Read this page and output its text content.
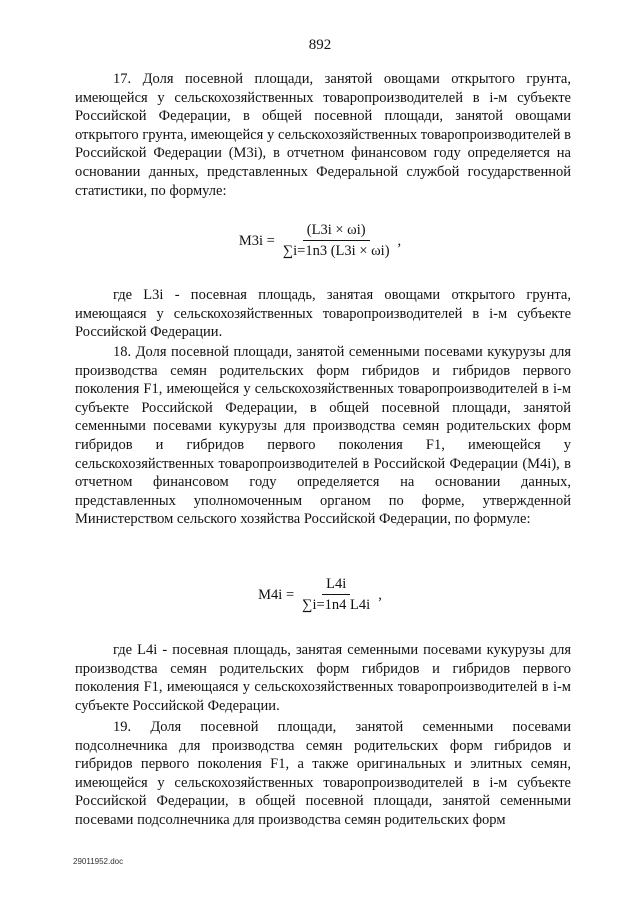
892

17. Доля посевной площади, занятой овощами открытого грунта, имеющейся у сельскохозяйственных товаропроизводителей в i-м субъекте Российской Федерации, в общей посевной площади, занятой овощами открытого грунта, имеющейся у сельскохозяйственных товаропроизводителей в Российской Федерации (M3i), в отчетном финансовом году определяется на основании данных, представленных Федеральной службой государственной статистики, по формуле:

$M3i = \frac{(L3i \times \omega i)}{\sum i=1n3 (L3i \times \omega i)}$ ,

где L3i - посевная площадь, занятая овощами открытого грунта, имеющаяся у сельскохозяйственных товаропроизводителей в i-м субъекте Российской Федерации.

18. Доля посевной площади, занятой семенными посевами кукурузы для производства семян родительских форм гибридов и гибридов первого поколения F1, имеющейся у сельскохозяйственных товаропроизводителей в i-м субъекте Российской Федерации, в общей посевной площади, занятой семенными посевами кукурузы для производства семян родительских форм гибридов и гибридов первого поколения F1, имеющейся у сельскохозяйственных товаропроизводителей в Российской Федерации (M4i), в отчетном финансовом году определяется на основании данных, представленных уполномоченным органом по форме, утвержденной Министерством сельского хозяйства Российской Федерации, по формуле:

$M4i = \frac{L4i}{\sum i=1n4 L4i}$ ,

где L4i - посевная площадь, занятая семенными посевами кукурузы для производства семян родительских форм гибридов и гибридов первого поколения F1, имеющаяся у сельскохозяйственных товаропроизводителей в i-м субъекте Российской Федерации.

19. Доля посевной площади, занятой семенными посевами подсолнечника для производства семян родительских форм гибридов и гибридов первого поколения F1, а также оригинальных и элитных семян, имеющейся у сельскохозяйственных товаропроизводителей в i-м субъекте Российской Федерации, в общей посевной площади, занятой семенными посевами подсолнечника для производства семян родительских форм

29011952.doc
